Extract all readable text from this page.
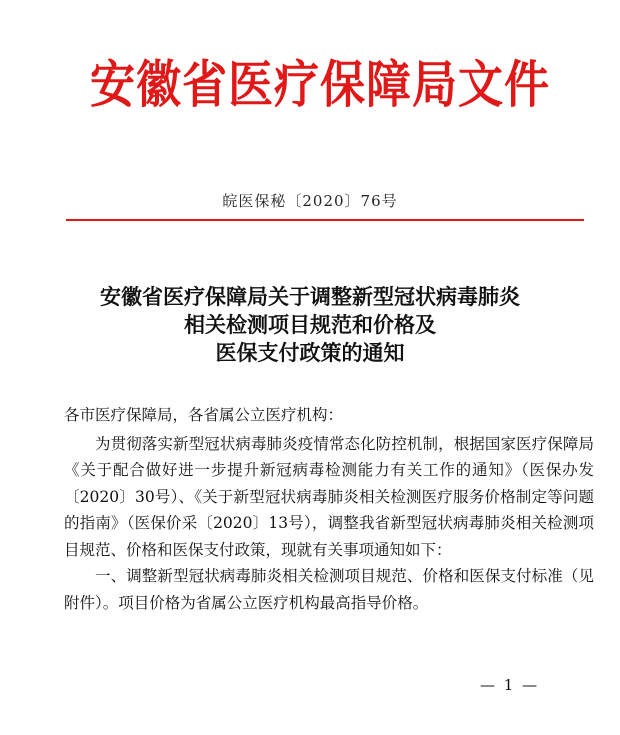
安徽省医疗保障局文件
皖医保秘〔2020〕76号
安徽省医疗保障局关于调整新型冠状病毒肺炎
相关检测项目规范和价格及
医保支付政策的通知

各市医疗保障局，各省属公立医疗机构：

为贯彻落实新型冠状病毒肺炎疫情常态化防控机制，根据国家医疗保障局《关于配合做好进一步提升新冠病毒检测能力有关工作的通知》（医保办发〔2020〕30号）、《关于新型冠状病毒肺炎相关检测医疗服务价格制定等问题的指南》（医保价采〔2020〕13号），调整我省新型冠状病毒肺炎相关检测项目规范、价格和医保支付政策，现就有关事项通知如下：

一、调整新型冠状病毒肺炎相关检测项目规范、价格和医保支付标准（见附件）。项目价格为省属公立医疗机构最高指导价格。

— 1 —
